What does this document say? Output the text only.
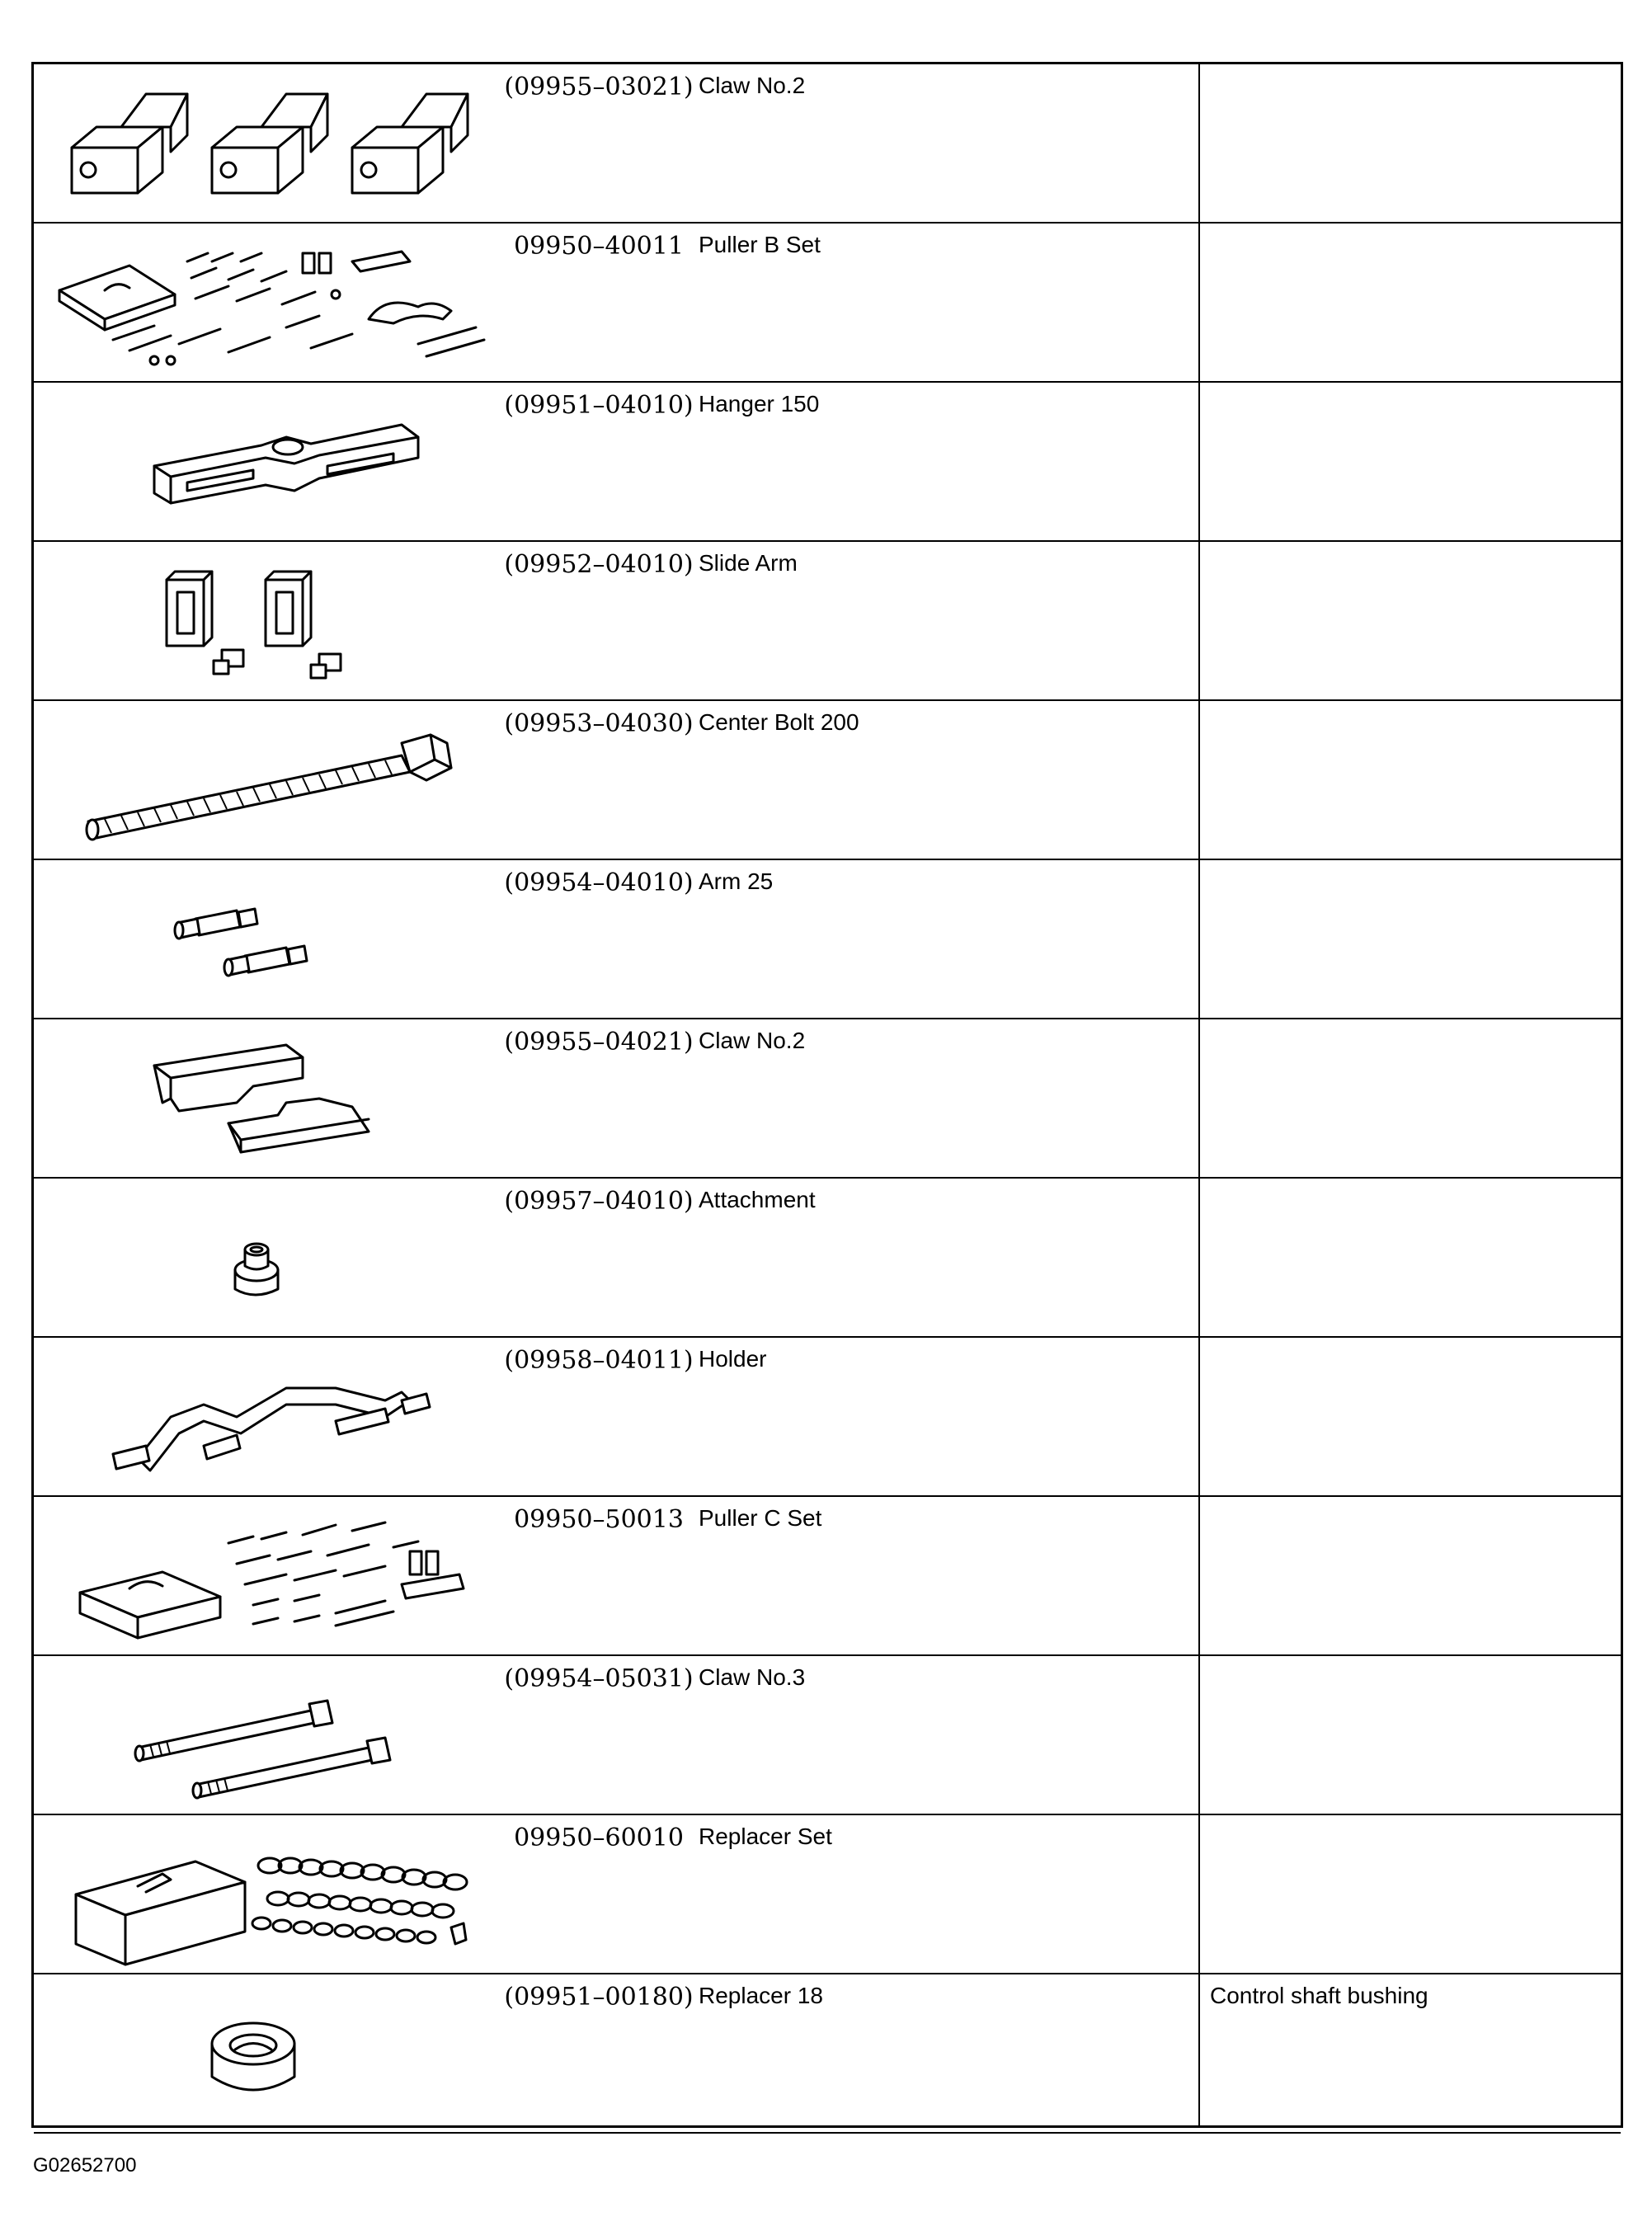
(09955–03021) Claw No.2
09950–40011 Puller B Set
(09951–04010) Hanger 150
(09952–04010) Slide Arm
(09953–04030) Center Bolt 200
(09954–04010) Arm 25
(09955–04021) Claw No.2
(09957–04010) Attachment
(09958–04011) Holder
09950–50013 Puller C Set
(09954–05031) Claw No.3
09950–60010 Replacer Set
(09951–00180) Replacer 18	Control shaft bushing
G02652700
